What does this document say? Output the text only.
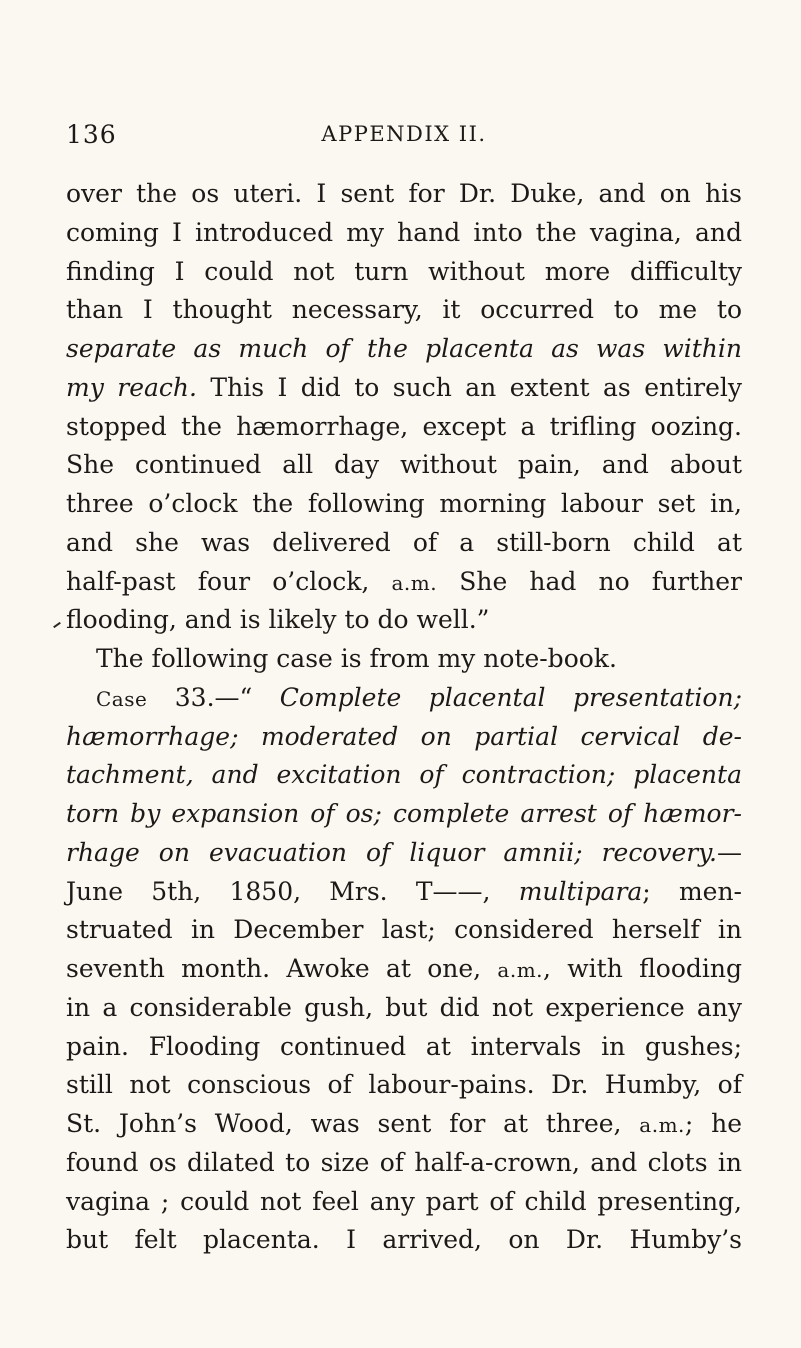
136	APPENDIX II.
over the os uteri. I sent for Dr. Duke, and on his
coming I introduced my hand into the vagina, and
finding I could not turn without more difficulty
than I thought necessary, it occurred to me to
separate as much of the placenta as was within
my reach. This I did to such an extent as entirely
stopped the hæmorrhage, except a trifling oozing.
She continued all day without pain, and about
three o’clock the following morning labour set in,
and she was delivered of a still-born child at
half-past four o’clock, a.m. She had no further
flooding, and is likely to do well.”
The following case is from my note-book.
Case 33.—“ Complete placental presentation;
hæmorrhage; moderated on partial cervical de-
tachment, and excitation of contraction; placenta
torn by expansion of os; complete arrest of hæmor-
rhage on evacuation of liquor amnii; recovery.—
June 5th, 1850, Mrs. T——, multipara; men-
struated in December last; considered herself in
seventh month. Awoke at one, a.m., with flooding
in a considerable gush, but did not experience any
pain. Flooding continued at intervals in gushes;
still not conscious of labour-pains. Dr. Humby, of
St. John’s Wood, was sent for at three, a.m.; he
found os dilated to size of half-a-crown, and clots in
vagina ; could not feel any part of child presenting,
but felt placenta. I arrived, on Dr. Humby’s
